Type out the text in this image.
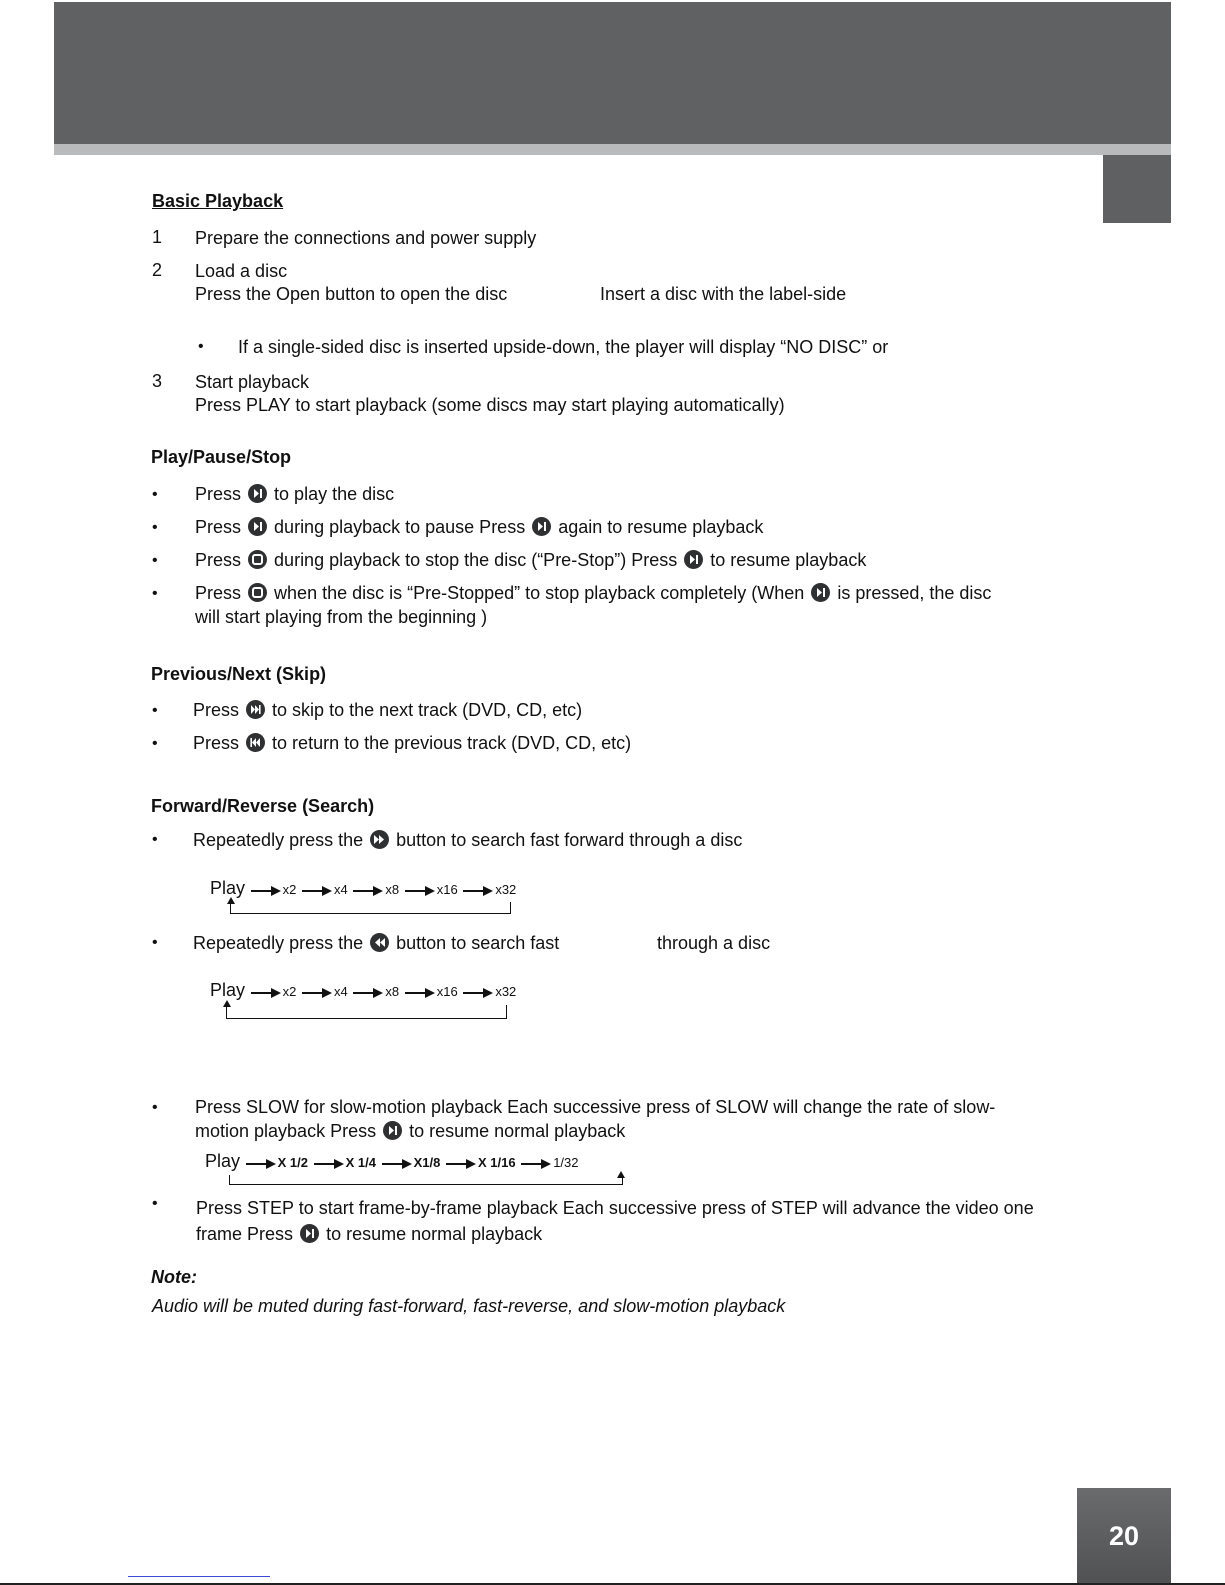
Basic Playback
1 Prepare the connections and power supply
2 Load a disc
Press the Open button to open the disc	Insert a disc with the label-side
• If a single-sided disc is inserted upside-down, the player will display “NO DISC” or
3 Start playback
Press PLAY to start playback (some discs may start playing automatically)
Play/Pause/Stop
• Press to play the disc
• Press during playback to pause Press again to resume playback
• Press during playback to stop the disc (“Pre-Stop”) Press to resume playback
• Press when the disc is “Pre-Stopped” to stop playback completely (When is pressed, the disc
will start playing from the beginning )
Previous/Next (Skip)
• Press to skip to the next track (DVD, CD, etc)
• Press to return to the previous track (DVD, CD, etc)
Forward/Reverse (Search)
• Repeatedly press the button to search fast forward through a disc
Play	x2	x4	x8	x16	x32
• Repeatedly press the button to search fast	through a disc
Play	x2	x4	x8	x16	x32
• Press SLOW for slow-motion playback Each successive press of SLOW will change the rate of slow-
motion playback Press to resume normal playback
Play	X 1/2	X 1/4	X1/8	X 1/16	1/32
• Press STEP to start frame-by-frame playback Each successive press of STEP will advance the video one
frame Press to resume normal playback
Note:
Audio will be muted during fast-forward, fast-reverse, and slow-motion playback
20
